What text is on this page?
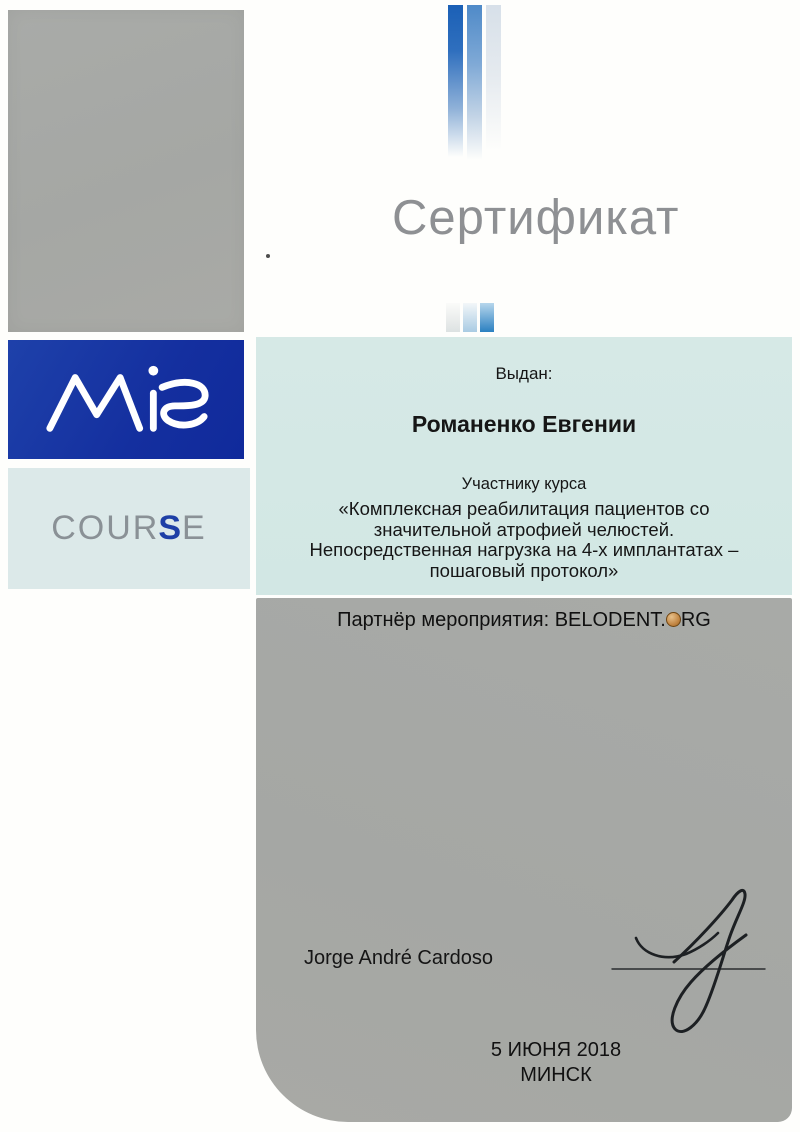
Сертификат
COURSE
Выдан:
Романенко Евгении
Участнику курса
«Комплексная реабилитация пациентов со
значительной атрофией челюстей.
Непосредственная нагрузка на 4-х имплантатах –
пошаговый протокол»
Партнёр мероприятия: BELODENT. RG
Jorge André Cardoso
5 ИЮНЯ 2018
МИНСК
